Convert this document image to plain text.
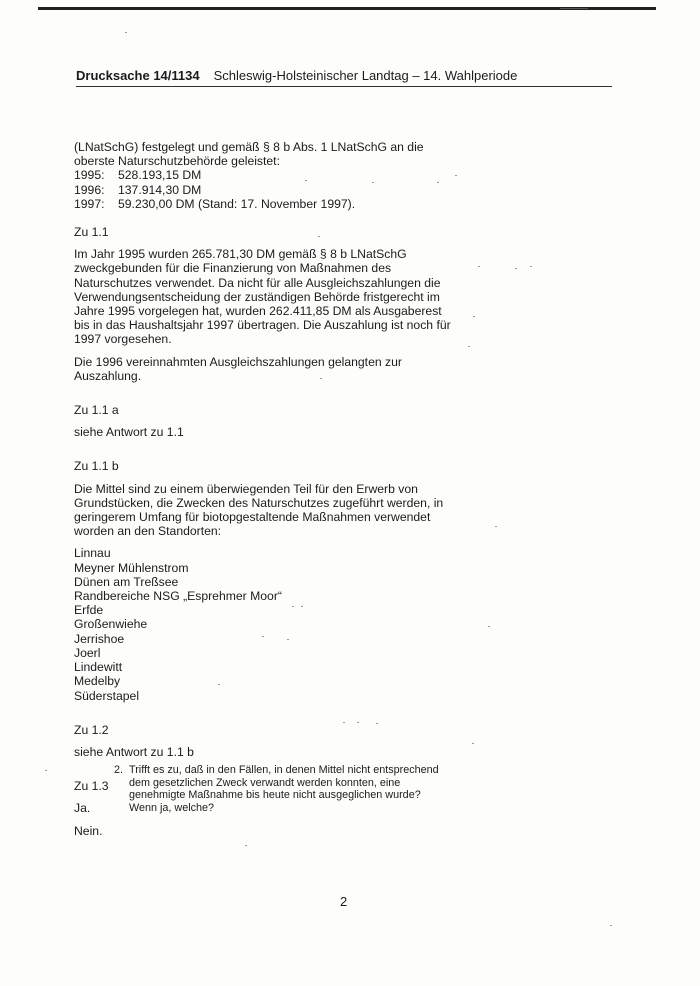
Drucksache 14/1134 Schleswig-Holsteinischer Landtag – 14. Wahlperiode

(LNatSchG) festgelegt und gemäß § 8 b Abs. 1 LNatSchG an die oberste Naturschutzbehörde geleistet:

1995:	528.193,15 DM
1996:	137.914,30 DM
1997:	59.230,00 DM (Stand: 17. November 1997).

Zu 1.1

Im Jahr 1995 wurden 265.781,30 DM gemäß § 8 b LNatSchG zweckgebunden für die Finanzierung von Maßnahmen des Naturschutzes verwendet. Da nicht für alle Ausgleichszahlungen die Verwendungsentscheidung der zuständigen Behörde fristgerecht im Jahre 1995 vorgelegen hat, wurden 262.411,85 DM als Ausgaberest bis in das Haushaltsjahr 1997 übertragen. Die Auszahlung ist noch für 1997 vorgesehen.

Die 1996 vereinnahmten Ausgleichszahlungen gelangten zur Auszahlung.

Zu 1.1 a

siehe Antwort zu 1.1

Zu 1.1 b

Die Mittel sind zu einem überwiegenden Teil für den Erwerb von Grundstücken, die Zwecken des Naturschutzes zugeführt werden, in geringerem Umfang für biotopgestaltende Maßnahmen verwendet worden an den Standorten:

Linnau
Meyner Mühlenstrom
Dünen am Treßsee
Randbereiche NSG „Esprehmer Moor“
Erfde
Großenwiehe
Jerrishoe
Joerl
Lindewitt
Medelby
Süderstapel

Zu 1.2

siehe Antwort zu 1.1 b

Zu 1.3

Ja.

2. Trifft es zu, daß in den Fällen, in denen Mittel nicht entsprechend dem gesetzlichen Zweck verwandt werden konnten, eine genehmigte Maßnahme bis heute nicht ausgeglichen wurde? Wenn ja, welche?
Nein.
2
